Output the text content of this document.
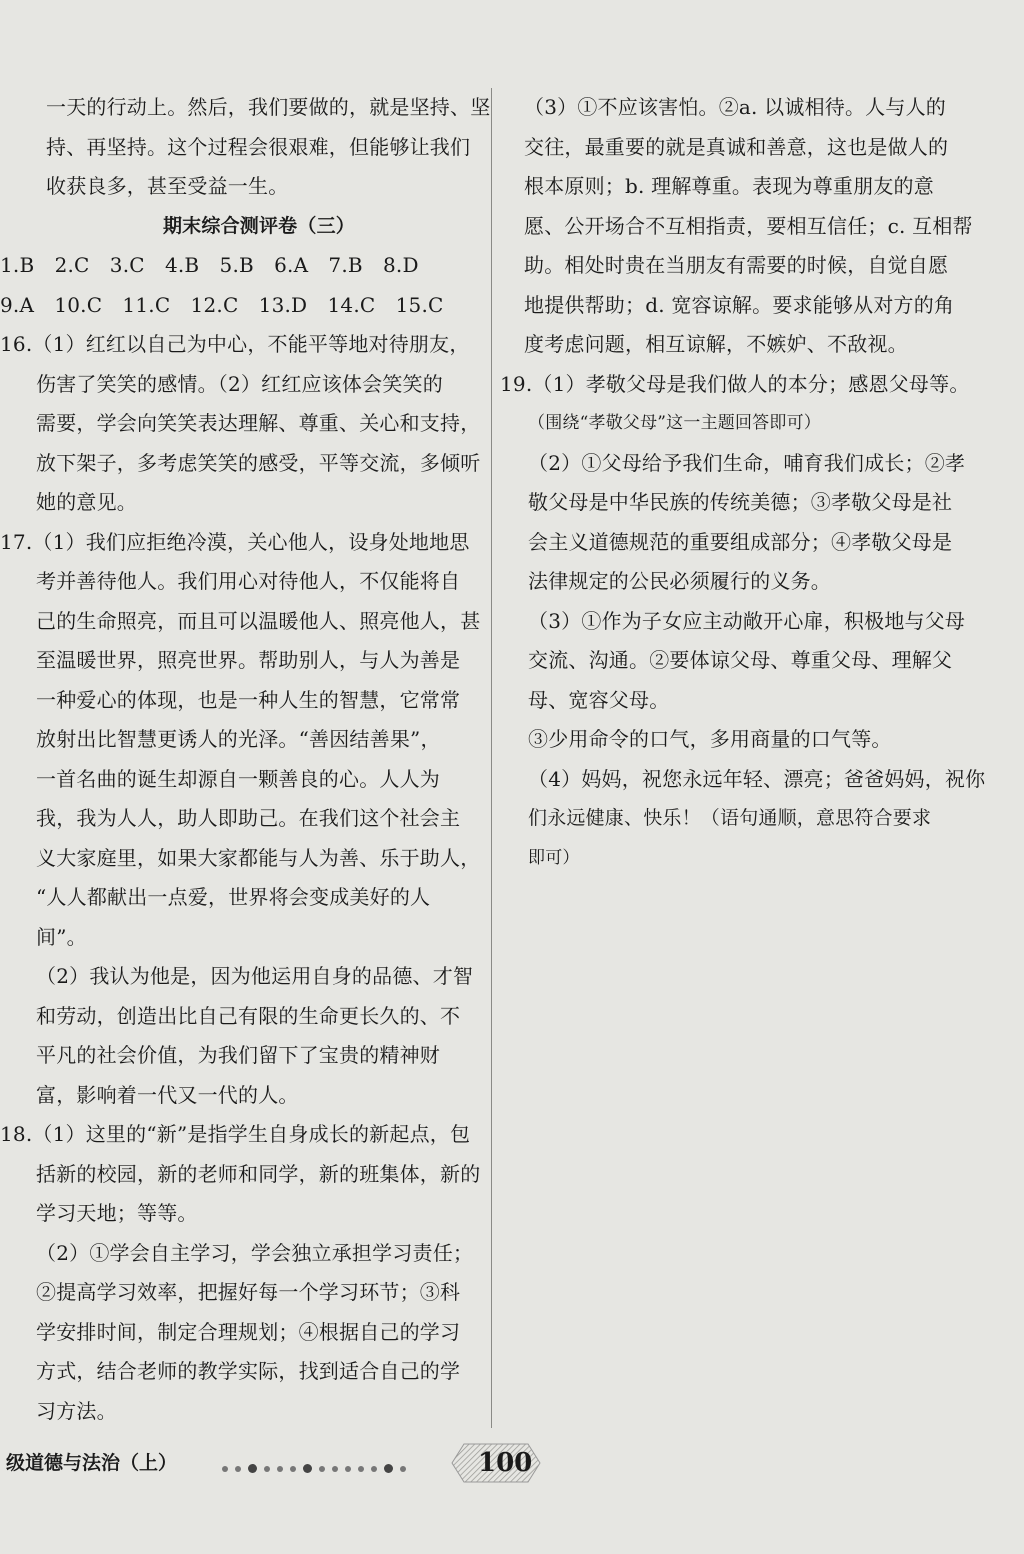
一天的行动上。然后，我们要做的，就是坚持、坚
持、再坚持。这个过程会很艰难，但能够让我们
收获良多，甚至受益一生。
期末综合测评卷（三）
1.B　2.C　3.C　4.B　5.B　6.A　7.B　8.D
9.A　10.C　11.C　12.C　13.D　14.C　15.C
16.（1）红红以自己为中心，不能平等地对待朋友，
伤害了笑笑的感情。（2）红红应该体会笑笑的
需要，学会向笑笑表达理解、尊重、关心和支持，
放下架子，多考虑笑笑的感受，平等交流，多倾听
她的意见。
17.（1）我们应拒绝冷漠，关心他人，设身处地地思
考并善待他人。我们用心对待他人，不仅能将自
己的生命照亮，而且可以温暖他人、照亮他人，甚
至温暖世界，照亮世界。帮助别人，与人为善是
一种爱心的体现，也是一种人生的智慧，它常常
放射出比智慧更诱人的光泽。“善因结善果”，
一首名曲的诞生却源自一颗善良的心。人人为
我，我为人人，助人即助己。在我们这个社会主
义大家庭里，如果大家都能与人为善、乐于助人，
“人人都献出一点爱，世界将会变成美好的人
间”。
（2）我认为他是，因为他运用自身的品德、才智
和劳动，创造出比自己有限的生命更长久的、不
平凡的社会价值，为我们留下了宝贵的精神财
富，影响着一代又一代的人。
18.（1）这里的“新”是指学生自身成长的新起点，包
括新的校园，新的老师和同学，新的班集体，新的
学习天地；等等。
（2）①学会自主学习，学会独立承担学习责任；
②提高学习效率，把握好每一个学习环节；③科
学安排时间，制定合理规划；④根据自己的学习
方式，结合老师的教学实际，找到适合自己的学
习方法。
（3）①不应该害怕。②a. 以诚相待。人与人的
交往，最重要的就是真诚和善意，这也是做人的
根本原则；b. 理解尊重。表现为尊重朋友的意
愿、公开场合不互相指责，要相互信任；c. 互相帮
助。相处时贵在当朋友有需要的时候，自觉自愿
地提供帮助；d. 宽容谅解。要求能够从对方的角
度考虑问题，相互谅解，不嫉妒、不敌视。
19.（1）孝敬父母是我们做人的本分；感恩父母等。
（围绕“孝敬父母”这一主题回答即可）
（2）①父母给予我们生命，哺育我们成长；②孝
敬父母是中华民族的传统美德；③孝敬父母是社
会主义道德规范的重要组成部分；④孝敬父母是
法律规定的公民必须履行的义务。
（3）①作为子女应主动敞开心扉，积极地与父母
交流、沟通。②要体谅父母、尊重父母、理解父
母、宽容父母。
③少用命令的口气，多用商量的口气等。
（4）妈妈，祝您永远年轻、漂亮；爸爸妈妈，祝你
们永远健康、快乐！（语句通顺，意思符合要求
即可）
级道德与法治（上）	100
